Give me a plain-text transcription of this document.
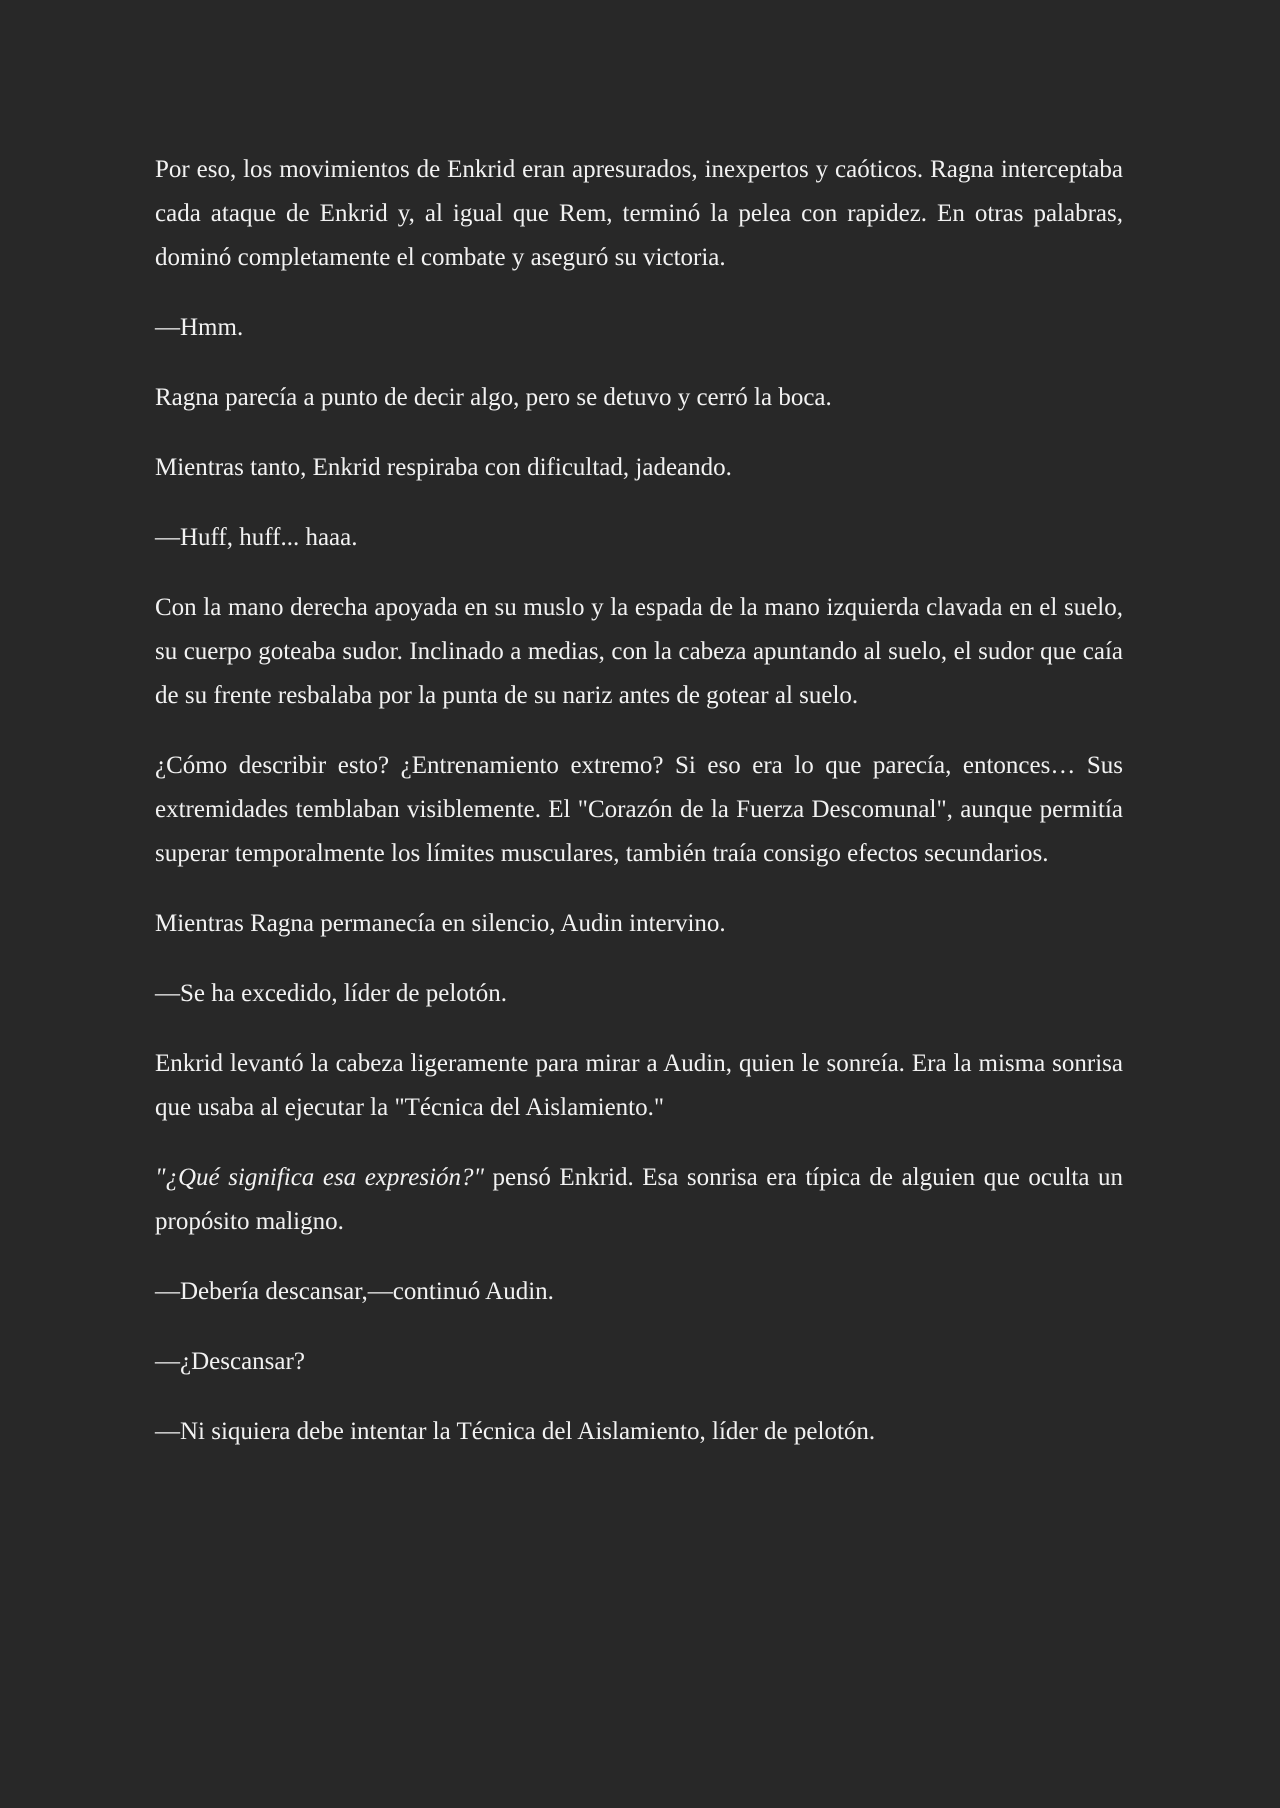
Por eso, los movimientos de Enkrid eran apresurados, inexpertos y caóticos. Ragna interceptaba cada ataque de Enkrid y, al igual que Rem, terminó la pelea con rapidez. En otras palabras, dominó completamente el combate y aseguró su victoria.

—Hmm.

Ragna parecía a punto de decir algo, pero se detuvo y cerró la boca.

Mientras tanto, Enkrid respiraba con dificultad, jadeando.

—Huff, huff... haaa.

Con la mano derecha apoyada en su muslo y la espada de la mano izquierda clavada en el suelo, su cuerpo goteaba sudor. Inclinado a medias, con la cabeza apuntando al suelo, el sudor que caía de su frente resbalaba por la punta de su nariz antes de gotear al suelo.

¿Cómo describir esto? ¿Entrenamiento extremo? Si eso era lo que parecía, entonces… Sus extremidades temblaban visiblemente. El "Corazón de la Fuerza Descomunal", aunque permitía superar temporalmente los límites musculares, también traía consigo efectos secundarios.

Mientras Ragna permanecía en silencio, Audin intervino.

—Se ha excedido, líder de pelotón.

Enkrid levantó la cabeza ligeramente para mirar a Audin, quien le sonreía. Era la misma sonrisa que usaba al ejecutar la "Técnica del Aislamiento."

"¿Qué significa esa expresión?" pensó Enkrid. Esa sonrisa era típica de alguien que oculta un propósito maligno.

—Debería descansar,—continuó Audin.

—¿Descansar?

—Ni siquiera debe intentar la Técnica del Aislamiento, líder de pelotón.
